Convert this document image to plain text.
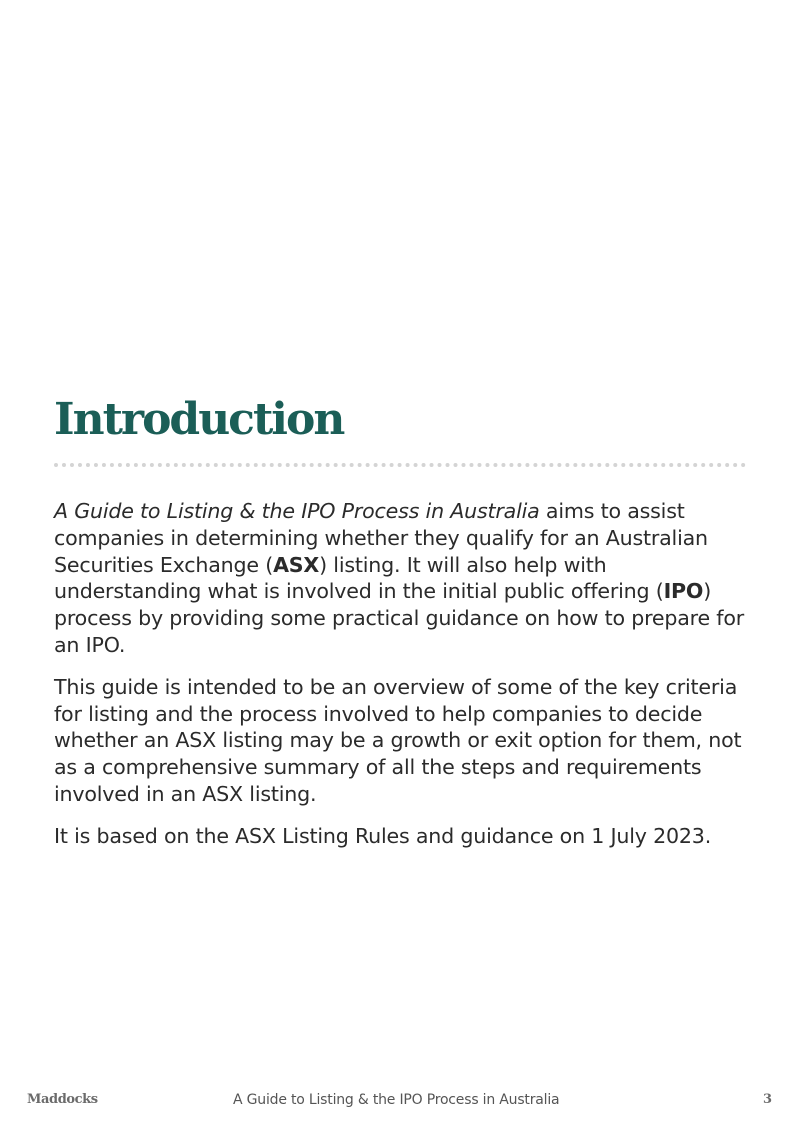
Introduction

A Guide to Listing & the IPO Process in Australia aims to assist companies in determining whether they qualify for an Australian Securities Exchange (ASX) listing. It will also help with understanding what is involved in the initial public offering (IPO) process by providing some practical guidance on how to prepare for an IPO.

This guide is intended to be an overview of some of the key criteria for listing and the process involved to help companies to decide whether an ASX listing may be a growth or exit option for them, not as a comprehensive summary of all the steps and requirements involved in an ASX listing.

It is based on the ASX Listing Rules and guidance on 1 July 2023.

Maddocks	A Guide to Listing & the IPO Process in Australia	3
